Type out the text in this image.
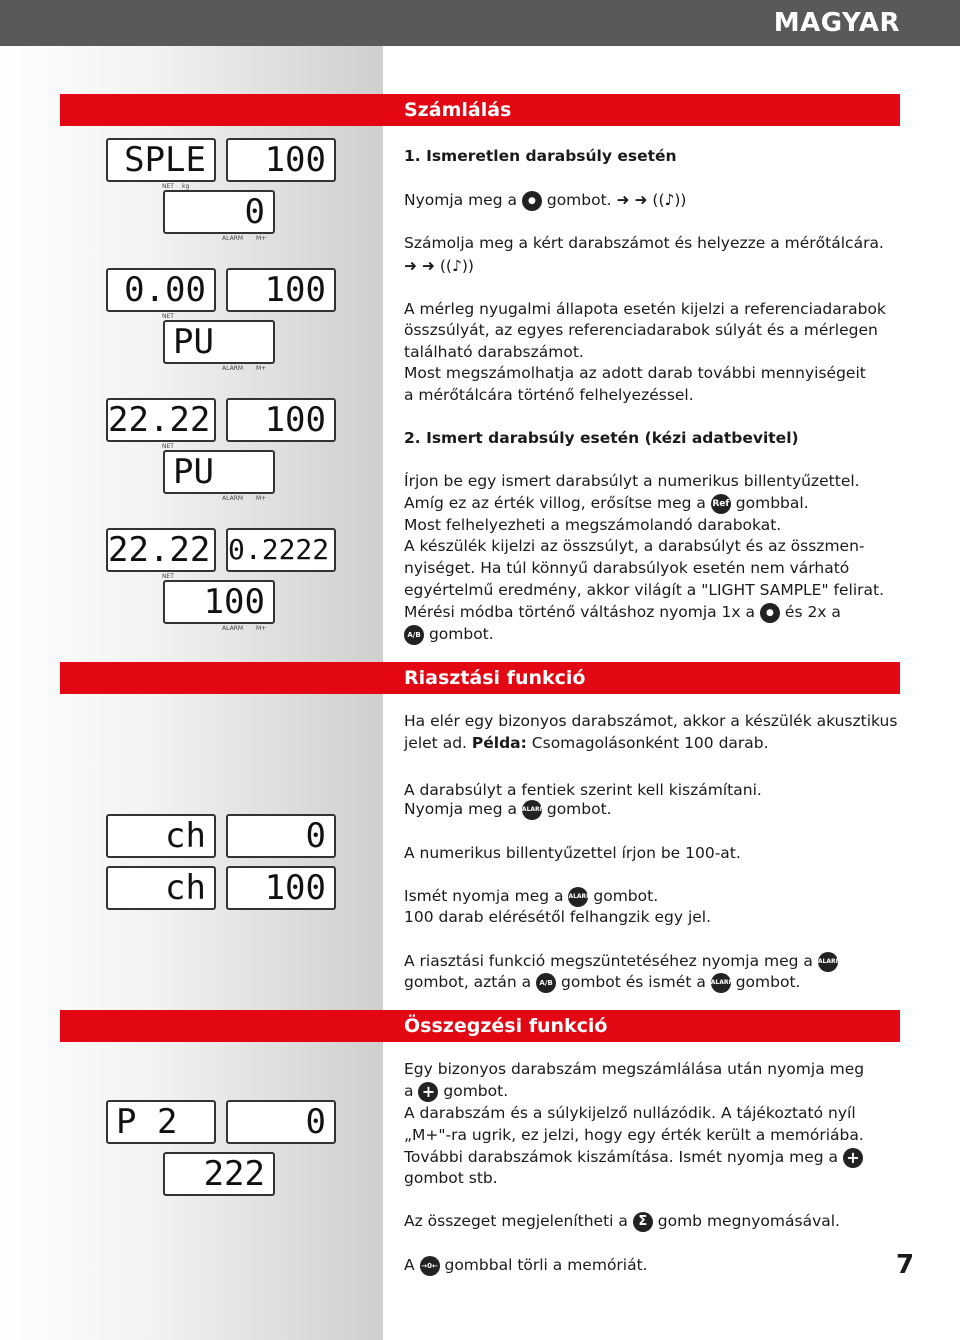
MAGYAR
Számlálás
Riasztási funkció
Összegzési funkció
SPLE	100
0
NET kg
ALARM M+
0.00	100
PU
NET
ALARM M+
22.22	100
PU
NET
ALARM M+
22.22 0.2222
100
NET
ALARM M+
ch	0
ch	100
P 2	0
222
1. Ismeretlen darabsúly esetén
Nyomja meg a ● gombot. ➜ ➜ ((♪))
Számolja meg a kért darabszámot és helyezze a mérőtálcára.
➜ ➜ ((♪))
A mérleg nyugalmi állapota esetén kijelzi a referenciadarabok
összsúlyát, az egyes referenciadarabok súlyát és a mérlegen
található darabszámot.
Most megszámolhatja az adott darab további mennyiségeit
a mérőtálcára történő felhelyezéssel.
2. Ismert darabsúly esetén (kézi adatbevitel)
Írjon be egy ismert darabsúlyt a numerikus billentyűzettel.
Amíg ez az érték villog, erősítse meg a Ref gombbal.
Most felhelyezheti a megszámolandó darabokat.
A készülék kijelzi az összsúlyt, a darabsúlyt és az összmen-
nyiséget. Ha túl könnyű darabsúlyok esetén nem várható
egyértelmű eredmény, akkor világít a "LIGHT SAMPLE" felirat.
Mérési módba történő váltáshoz nyomja 1x a ● és 2x a
A/B gombot.
Ha elér egy bizonyos darabszámot, akkor a készülék akusztikus
jelet ad. Példa: Csomagolásonként 100 darab.
A darabsúlyt a fentiek szerint kell kiszámítani.
Nyomja meg a ALARM gombot.
A numerikus billentyűzettel írjon be 100-at.
Ismét nyomja meg a ALARM gombot.
100 darab elérésétől felhangzik egy jel.
A riasztási funkció megszüntetéséhez nyomja meg a ALARM
gombot, aztán a A/B gombot és ismét a ALARM gombot.
Egy bizonyos darabszám megszámlálása után nyomja meg
a + gombot.
A darabszám és a súlykijelző nullázódik. A tájékoztató nyíl
„M+"-ra ugrik, ez jelzi, hogy egy érték került a memóriába.
További darabszámok kiszámítása. Ismét nyomja meg a +
gombot stb.
Az összeget megjelenítheti a Σ gomb megnyomásával.
A →0← gombbal törli a memóriát.	7
